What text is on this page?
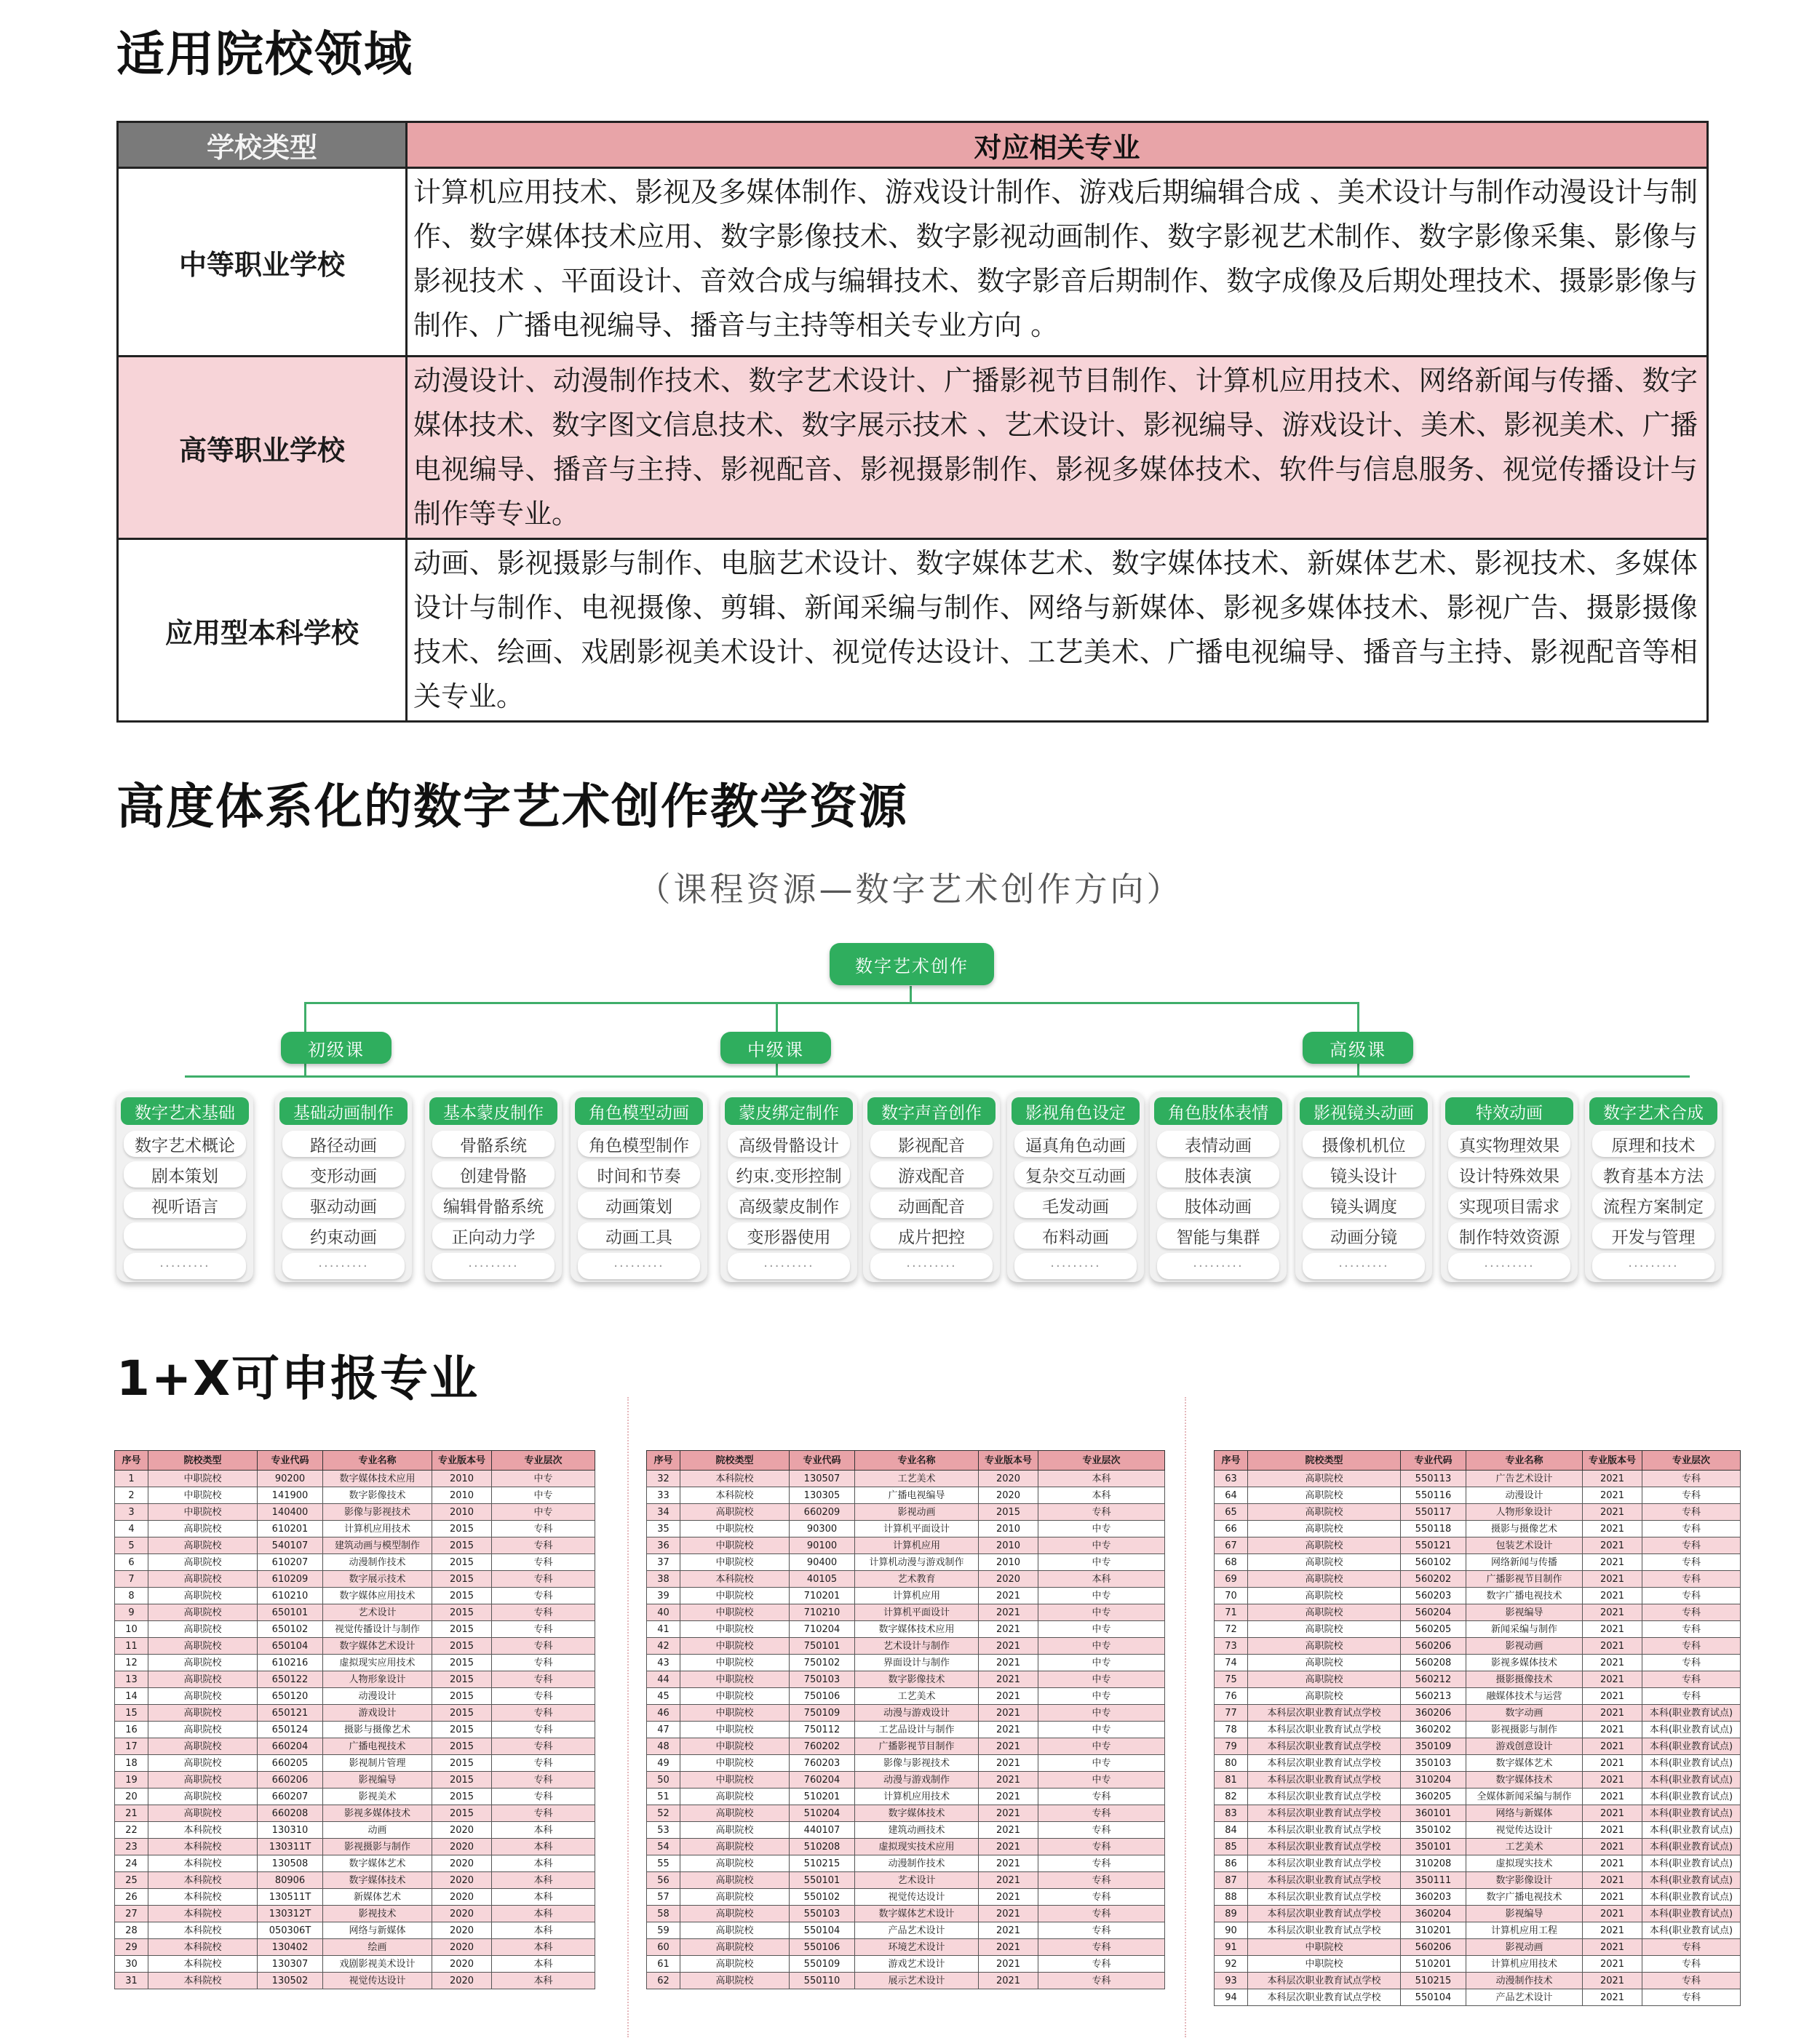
适用院校领域
学校类型	对应相关专业
中等职业学校	计算机应用技术、影视及多媒体制作、游戏设计制作、游戏后期编辑合成 、美术设计与制作动漫设计与制作、数字媒体技术应用、数字影像技术、数字影视动画制作、数字影视艺术制作、数字影像采集、影像与影视技术 、平面设计、音效合成与编辑技术、数字影音后期制作、数字成像及后期处理技术、摄影影像与制作、广播电视编导、播音与主持等相关专业方向 。
高等职业学校	动漫设计、动漫制作技术、数字艺术设计、广播影视节目制作、计算机应用技术、网络新闻与传播、数字媒体技术、数字图文信息技术、数字展示技术 、艺术设计、影视编导、游戏设计、美术、影视美术、广播电视编导、播音与主持、影视配音、影视摄影制作、影视多媒体技术、软件与信息服务、视觉传播设计与制作等专业。
应用型本科学校	动画、影视摄影与制作、电脑艺术设计、数字媒体艺术、数字媒体技术、新媒体艺术、影视技术、多媒体设计与制作、电视摄像、剪辑、新闻采编与制作、网络与新媒体、影视多媒体技术、影视广告、摄影摄像技术、绘画、戏剧影视美术设计、视觉传达设计、工艺美术、广播电视编导、播音与主持、影视配音等相关专业。
高度体系化的数字艺术创作教学资源
（课程资源—数字艺术创作方向）
数字艺术创作
初级课	中级课	高级课
数字艺术基础
数字艺术概论
剧本策划
视听语言
·········
基础动画制作
路径动画
变形动画
驱动动画
约束动画
·········
基本蒙皮制作
骨骼系统
创建骨骼
编辑骨骼系统
正向动力学
·········
角色模型动画
角色模型制作
时间和节奏
动画策划
动画工具
·········
蒙皮绑定制作
高级骨骼设计
约束.变形控制
高级蒙皮制作
变形器使用
·········
数字声音创作
影视配音
游戏配音
动画配音
成片把控
·········
影视角色设定
逼真角色动画
复杂交互动画
毛发动画
布料动画
·········
角色肢体表情
表情动画
肢体表演
肢体动画
智能与集群
·········
影视镜头动画
摄像机机位
镜头设计
镜头调度
动画分镜
·········
特效动画
真实物理效果
设计特殊效果
实现项目需求
制作特效资源
·········
数字艺术合成
原理和技术
教育基本方法
流程方案制定
开发与管理
·········
1+X可申报专业
序号	院校类型	专业代码	专业名称	专业版本号	专业层次
1	中职院校	90200	数字媒体技术应用	2010	中专
2	中职院校	141900	数字影像技术	2010	中专
3	中职院校	140400	影像与影视技术	2010	中专
4	高职院校	610201	计算机应用技术	2015	专科
5	高职院校	540107	建筑动画与模型制作	2015	专科
6	高职院校	610207	动漫制作技术	2015	专科
7	高职院校	610209	数字展示技术	2015	专科
8	高职院校	610210	数字媒体应用技术	2015	专科
9	高职院校	650101	艺术设计	2015	专科
10	高职院校	650102	视觉传播设计与制作	2015	专科
11	高职院校	650104	数字媒体艺术设计	2015	专科
12	高职院校	610216	虚拟现实应用技术	2015	专科
13	高职院校	650122	人物形象设计	2015	专科
14	高职院校	650120	动漫设计	2015	专科
15	高职院校	650121	游戏设计	2015	专科
16	高职院校	650124	摄影与摄像艺术	2015	专科
17	高职院校	660204	广播电视技术	2015	专科
18	高职院校	660205	影视制片管理	2015	专科
19	高职院校	660206	影视编导	2015	专科
20	高职院校	660207	影视美术	2015	专科
21	高职院校	660208	影视多媒体技术	2015	专科
22	本科院校	130310	动画	2020	本科
23	本科院校	130311T	影视摄影与制作	2020	本科
24	本科院校	130508	数字媒体艺术	2020	本科
25	本科院校	80906	数字媒体技术	2020	本科
26	本科院校	130511T	新媒体艺术	2020	本科
27	本科院校	130312T	影视技术	2020	本科
28	本科院校	050306T	网络与新媒体	2020	本科
29	本科院校	130402	绘画	2020	本科
30	本科院校	130307	戏剧影视美术设计	2020	本科
31	本科院校	130502	视觉传达设计	2020	本科
序号	院校类型	专业代码	专业名称	专业版本号	专业层次
32	本科院校	130507	工艺美术	2020	本科
33	本科院校	130305	广播电视编导	2020	本科
34	高职院校	660209	影视动画	2015	专科
35	中职院校	90300	计算机平面设计	2010	中专
36	中职院校	90100	计算机应用	2010	中专
37	中职院校	90400	计算机动漫与游戏制作	2010	中专
38	本科院校	40105	艺术教育	2020	本科
39	中职院校	710201	计算机应用	2021	中专
40	中职院校	710210	计算机平面设计	2021	中专
41	中职院校	710204	数字媒体技术应用	2021	中专
42	中职院校	750101	艺术设计与制作	2021	中专
43	中职院校	750102	界面设计与制作	2021	中专
44	中职院校	750103	数字影像技术	2021	中专
45	中职院校	750106	工艺美术	2021	中专
46	中职院校	750109	动漫与游戏设计	2021	中专
47	中职院校	750112	工艺品设计与制作	2021	中专
48	中职院校	760202	广播影视节目制作	2021	中专
49	中职院校	760203	影像与影视技术	2021	中专
50	中职院校	760204	动漫与游戏制作	2021	中专
51	高职院校	510201	计算机应用技术	2021	专科
52	高职院校	510204	数字媒体技术	2021	专科
53	高职院校	440107	建筑动画技术	2021	专科
54	高职院校	510208	虚拟现实技术应用	2021	专科
55	高职院校	510215	动漫制作技术	2021	专科
56	高职院校	550101	艺术设计	2021	专科
57	高职院校	550102	视觉传达设计	2021	专科
58	高职院校	550103	数字媒体艺术设计	2021	专科
59	高职院校	550104	产品艺术设计	2021	专科
60	高职院校	550106	环境艺术设计	2021	专科
61	高职院校	550109	游戏艺术设计	2021	专科
62	高职院校	550110	展示艺术设计	2021	专科
序号	院校类型	专业代码	专业名称	专业版本号	专业层次
63	高职院校	550113	广告艺术设计	2021	专科
64	高职院校	550116	动漫设计	2021	专科
65	高职院校	550117	人物形象设计	2021	专科
66	高职院校	550118	摄影与摄像艺术	2021	专科
67	高职院校	550121	包装艺术设计	2021	专科
68	高职院校	560102	网络新闻与传播	2021	专科
69	高职院校	560202	广播影视节目制作	2021	专科
70	高职院校	560203	数字广播电视技术	2021	专科
71	高职院校	560204	影视编导	2021	专科
72	高职院校	560205	新闻采编与制作	2021	专科
73	高职院校	560206	影视动画	2021	专科
74	高职院校	560208	影视多媒体技术	2021	专科
75	高职院校	560212	摄影摄像技术	2021	专科
76	高职院校	560213	融媒体技术与运营	2021	专科
77	本科层次职业教育试点学校	360206	数字动画	2021	本科(职业教育试点)
78	本科层次职业教育试点学校	360202	影视摄影与制作	2021	本科(职业教育试点)
79	本科层次职业教育试点学校	350109	游戏创意设计	2021	本科(职业教育试点)
80	本科层次职业教育试点学校	350103	数字媒体艺术	2021	本科(职业教育试点)
81	本科层次职业教育试点学校	310204	数字媒体技术	2021	本科(职业教育试点)
82	本科层次职业教育试点学校	360205	全媒体新闻采编与制作	2021	本科(职业教育试点)
83	本科层次职业教育试点学校	360101	网络与新媒体	2021	本科(职业教育试点)
84	本科层次职业教育试点学校	350102	视觉传达设计	2021	本科(职业教育试点)
85	本科层次职业教育试点学校	350101	工艺美术	2021	本科(职业教育试点)
86	本科层次职业教育试点学校	310208	虚拟现实技术	2021	本科(职业教育试点)
87	本科层次职业教育试点学校	350111	数字影像设计	2021	本科(职业教育试点)
88	本科层次职业教育试点学校	360203	数字广播电视技术	2021	本科(职业教育试点)
89	本科层次职业教育试点学校	360204	影视编导	2021	本科(职业教育试点)
90	本科层次职业教育试点学校	310201	计算机应用工程	2021	本科(职业教育试点)
91	中职院校	560206	影视动画	2021	专科
92	中职院校	510201	计算机应用技术	2021	专科
93	本科层次职业教育试点学校	510215	动漫制作技术	2021	专科
94	本科层次职业教育试点学校	550104	产品艺术设计	2021	专科
